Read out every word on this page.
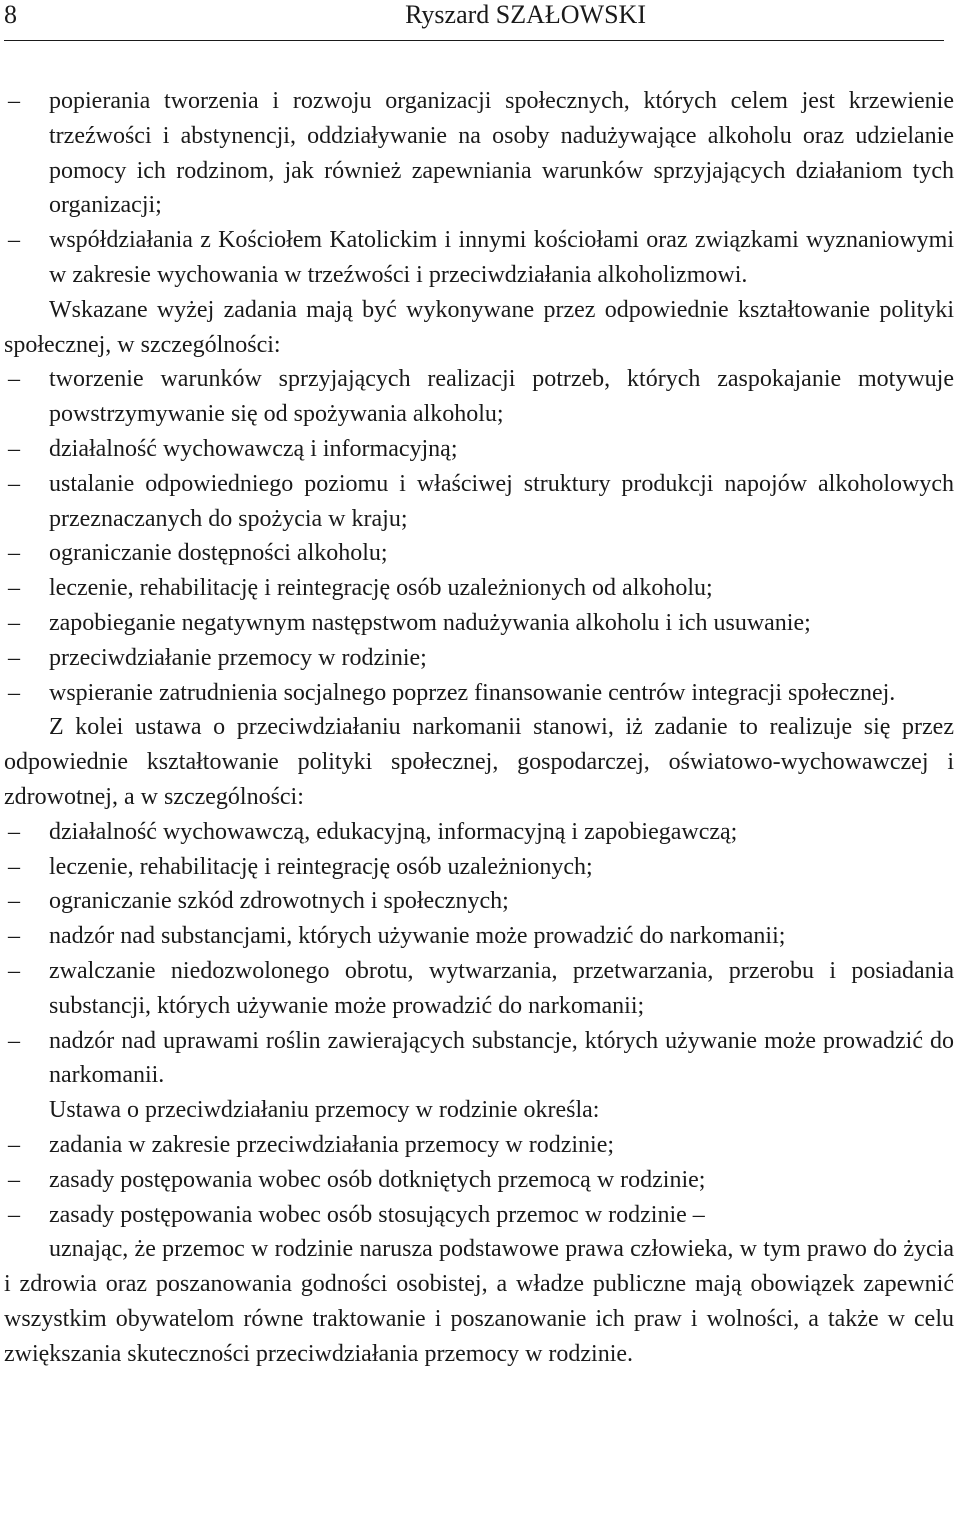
8	Ryszard SZAŁOWSKI
–	popierania tworzenia i rozwoju organizacji społecznych, których celem jest krzewienie trzeźwości i abstynencji, oddziaływanie na osoby nadużywające alkoholu oraz udzielanie pomocy ich rodzinom, jak również zapewniania warunków sprzyjających działaniom tych organizacji;
–	współdziałania z Kościołem Katolickim i innymi kościołami oraz związkami wyznaniowymi w zakresie wychowania w trzeźwości i przeciwdziałania alkoholizmowi.

Wskazane wyżej zadania mają być wykonywane przez odpowiednie kształtowanie polityki społecznej, w szczególności:

–	tworzenie warunków sprzyjających realizacji potrzeb, których zaspokajanie motywuje powstrzymywanie się od spożywania alkoholu;
–	działalność wychowawczą i informacyjną;
–	ustalanie odpowiedniego poziomu i właściwej struktury produkcji napojów alkoholowych przeznaczanych do spożycia w kraju;
–	ograniczanie dostępności alkoholu;
–	leczenie, rehabilitację i reintegrację osób uzależnionych od alkoholu;
–	zapobieganie negatywnym następstwom nadużywania alkoholu i ich usuwanie;
–	przeciwdziałanie przemocy w rodzinie;
–	wspieranie zatrudnienia socjalnego poprzez finansowanie centrów integracji społecznej.

Z kolei ustawa o przeciwdziałaniu narkomanii stanowi, iż zadanie to realizuje się przez odpowiednie kształtowanie polityki społecznej, gospodarczej, oświatowo-wychowawczej i zdrowotnej, a w szczególności:

–	działalność wychowawczą, edukacyjną, informacyjną i zapobiegawczą;
–	leczenie, rehabilitację i reintegrację osób uzależnionych;
–	ograniczanie szkód zdrowotnych i społecznych;
–	nadzór nad substancjami, których używanie może prowadzić do narkomanii;
–	zwalczanie niedozwolonego obrotu, wytwarzania, przetwarzania, przerobu i posiadania substancji, których używanie może prowadzić do narkomanii;
–	nadzór nad uprawami roślin zawierających substancje, których używanie może prowadzić do narkomanii.

Ustawa o przeciwdziałaniu przemocy w rodzinie określa:

–	zadania w zakresie przeciwdziałania przemocy w rodzinie;
–	zasady postępowania wobec osób dotkniętych przemocą w rodzinie;
–	zasady postępowania wobec osób stosujących przemoc w rodzinie –

uznając, że przemoc w rodzinie narusza podstawowe prawa człowieka, w tym prawo do życia i zdrowia oraz poszanowania godności osobistej, a władze publiczne mają obowiązek zapewnić wszystkim obywatelom równe traktowanie i poszanowanie ich praw i wolności, a także w celu zwiększania skuteczności przeciwdziałania przemocy w rodzinie.
